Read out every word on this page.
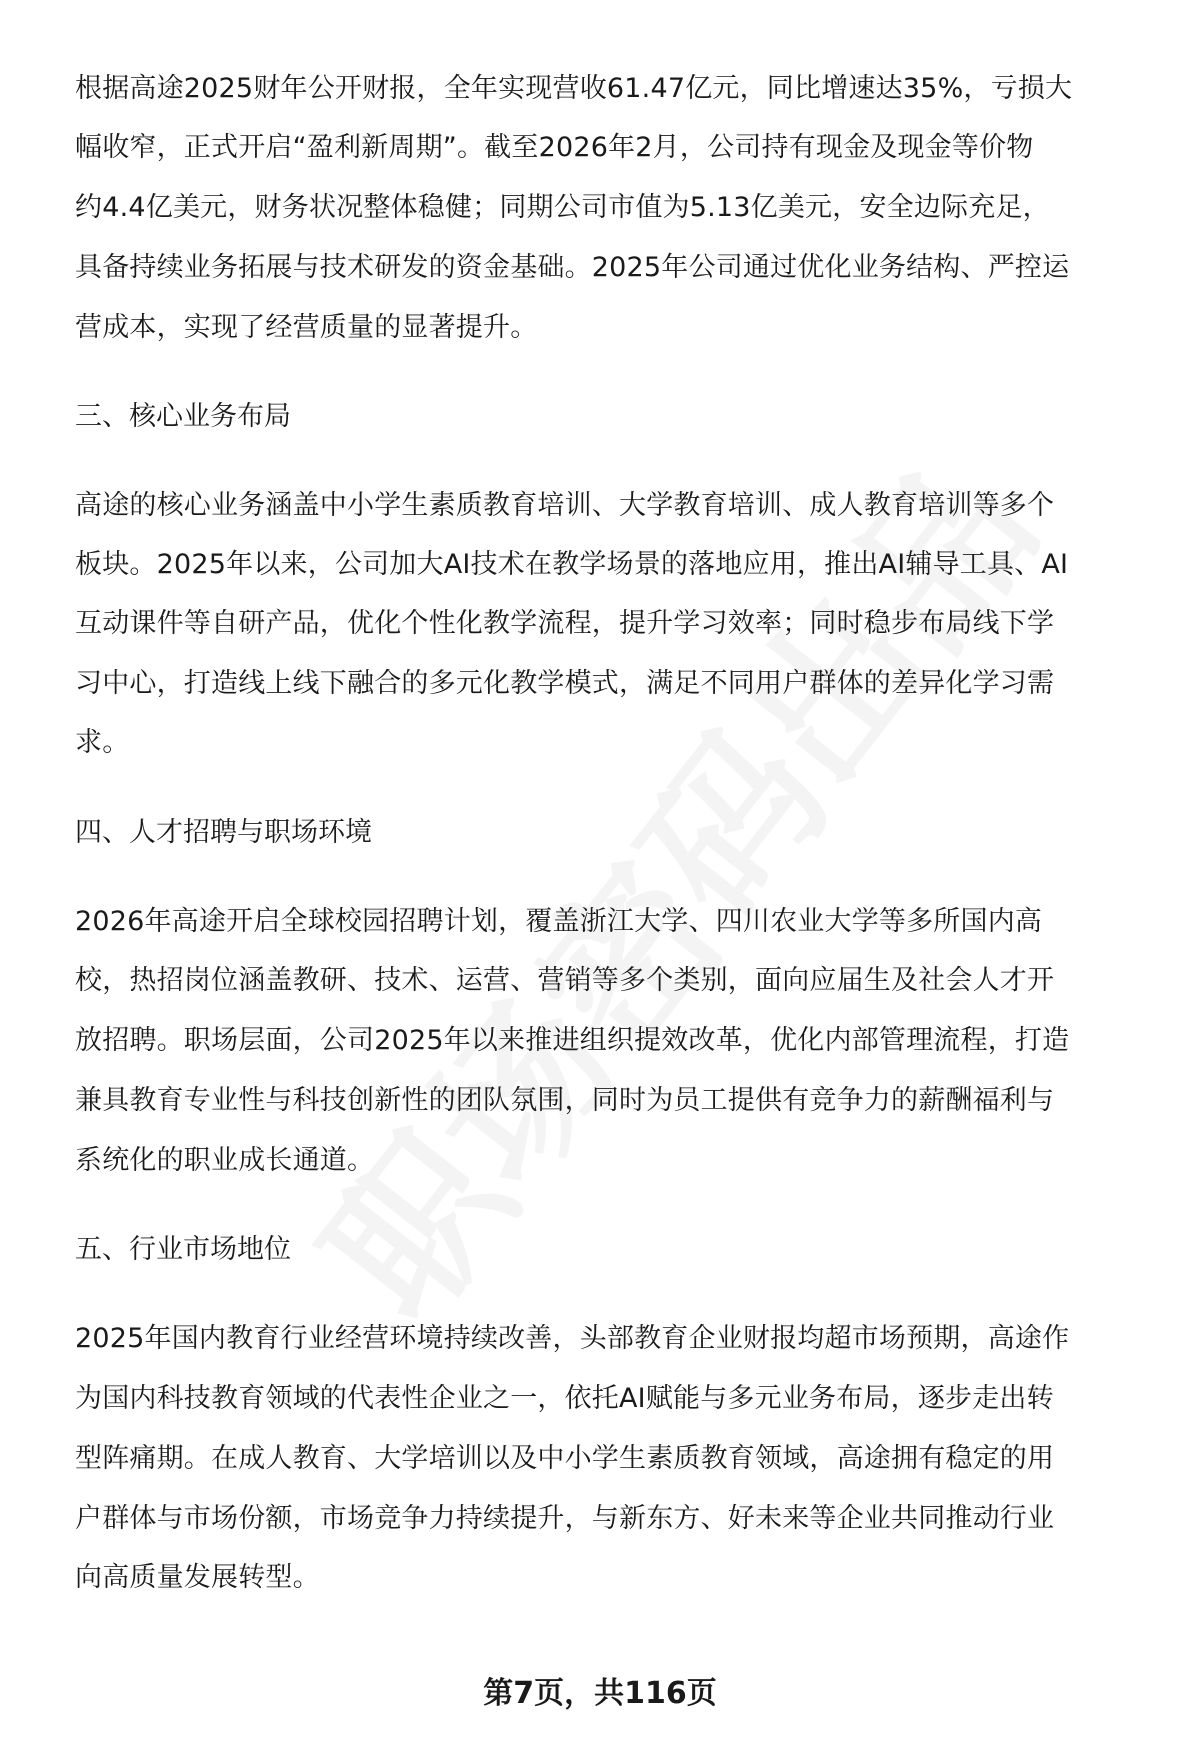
根据高途2025财年公开财报，全年实现营收61.47亿元，同比增速达35%，亏损大
幅收窄，正式开启“盈利新周期”。截至2026年2月，公司持有现金及现金等价物
约4.4亿美元，财务状况整体稳健；同期公司市值为5.13亿美元，安全边际充足，
具备持续业务拓展与技术研发的资金基础。2025年公司通过优化业务结构、严控运
营成本，实现了经营质量的显著提升。
三、核心业务布局
高途的核心业务涵盖中小学生素质教育培训、大学教育培训、成人教育培训等多个
板块。2025年以来，公司加大AI技术在教学场景的落地应用，推出AI辅导工具、AI
互动课件等自研产品，优化个性化教学流程，提升学习效率；同时稳步布局线下学
习中心，打造线上线下融合的多元化教学模式，满足不同用户群体的差异化学习需
求。
四、人才招聘与职场环境
2026年高途开启全球校园招聘计划，覆盖浙江大学、四川农业大学等多所国内高
校，热招岗位涵盖教研、技术、运营、营销等多个类别，面向应届生及社会人才开
放招聘。职场层面，公司2025年以来推进组织提效改革，优化内部管理流程，打造
兼具教育专业性与科技创新性的团队氛围，同时为员工提供有竞争力的薪酬福利与
系统化的职业成长通道。
五、行业市场地位
2025年国内教育行业经营环境持续改善，头部教育企业财报均超市场预期，高途作
为国内科技教育领域的代表性企业之一，依托AI赋能与多元业务布局，逐步走出转
型阵痛期。在成人教育、大学培训以及中小学生素质教育领域，高途拥有稳定的用
户群体与市场份额，市场竞争力持续提升，与新东方、好未来等企业共同推动行业
向高质量发展转型。
第7页，共116页
